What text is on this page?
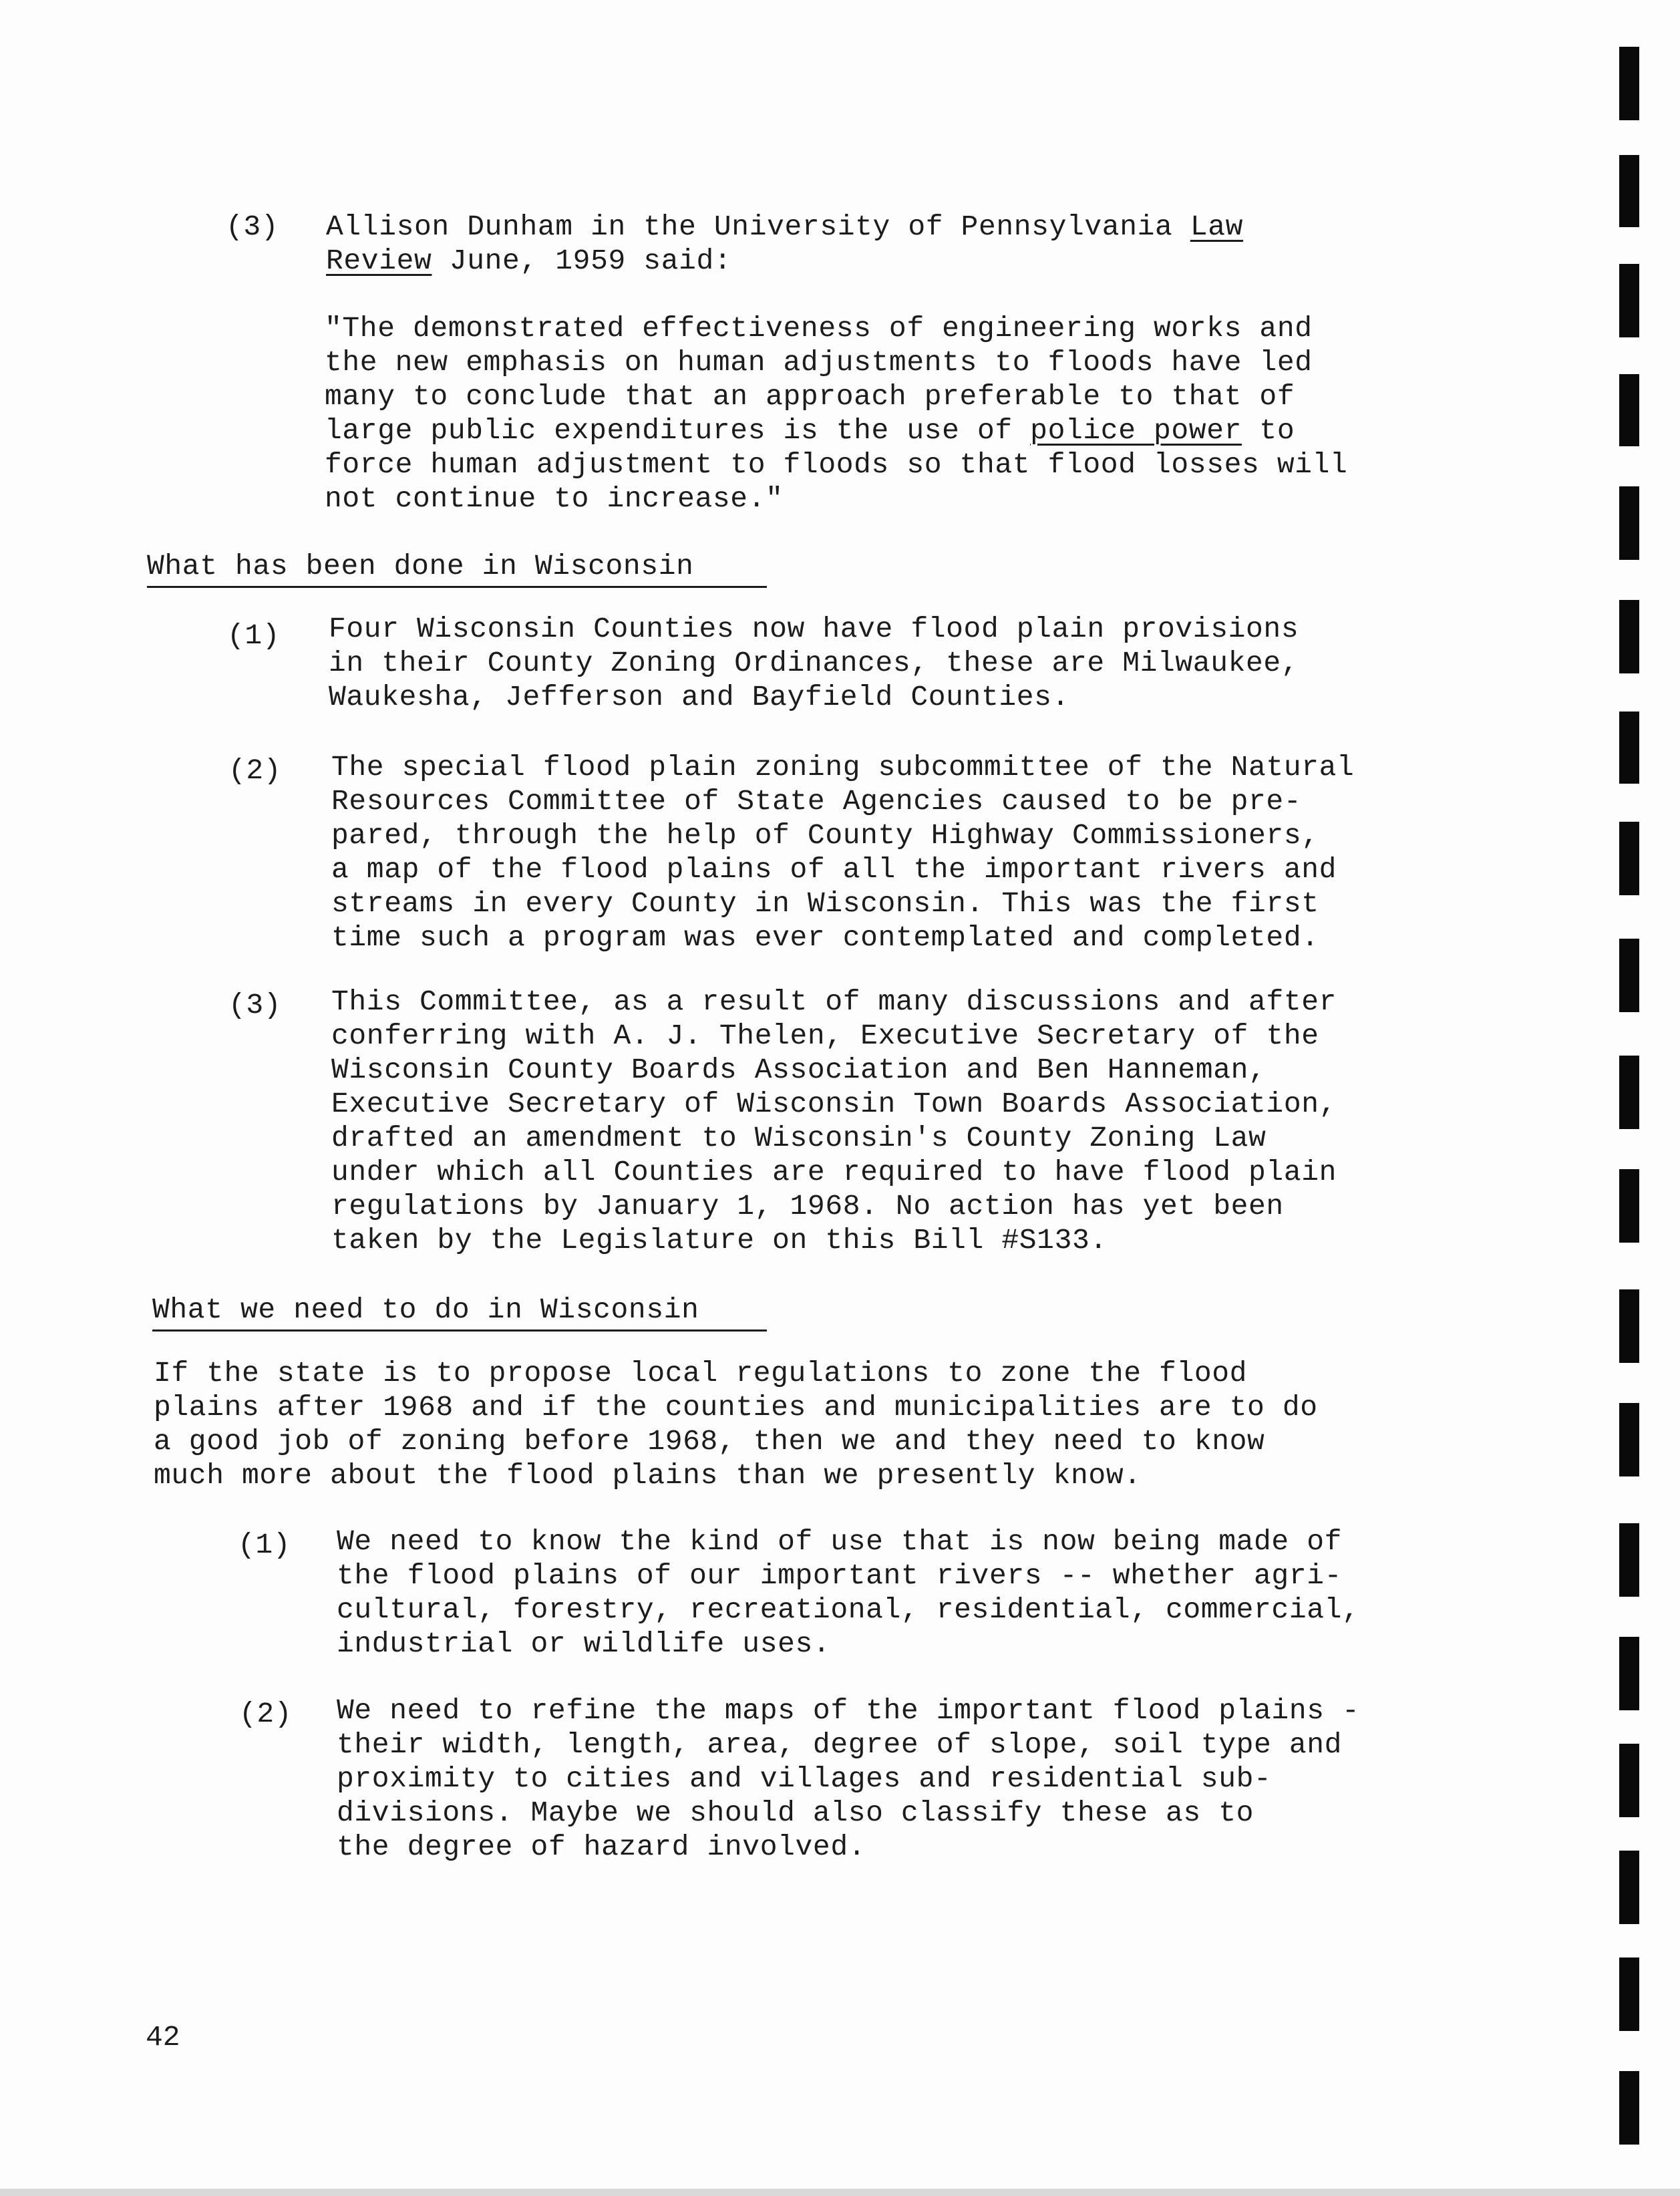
(3) Allison Dunham in the University of Pennsylvania Law
Review June, 1959 said:
"The demonstrated effectiveness of engineering works and
the new emphasis on human adjustments to floods have led
many to conclude that an approach preferable to that of
large public expenditures is the use of police power to
force human adjustment to floods so that flood losses will
not continue to increase."
What has been done in Wisconsin
(1) Four Wisconsin Counties now have flood plain provisions
in their County Zoning Ordinances, these are Milwaukee,
Waukesha, Jefferson and Bayfield Counties.
(2) The special flood plain zoning subcommittee of the Natural
Resources Committee of State Agencies caused to be pre-
pared, through the help of County Highway Commissioners,
a map of the flood plains of all the important rivers and
streams in every County in Wisconsin. This was the first
time such a program was ever contemplated and completed.
(3) This Committee, as a result of many discussions and after
conferring with A. J. Thelen, Executive Secretary of the
Wisconsin County Boards Association and Ben Hanneman,
Executive Secretary of Wisconsin Town Boards Association,
drafted an amendment to Wisconsin's County Zoning Law
under which all Counties are required to have flood plain
regulations by January 1, 1968. No action has yet been
taken by the Legislature on this Bill #S133.
What we need to do in Wisconsin
If the state is to propose local regulations to zone the flood
plains after 1968 and if the counties and municipalities are to do
a good job of zoning before 1968, then we and they need to know
much more about the flood plains than we presently know.
(1) We need to know the kind of use that is now being made of
the flood plains of our important rivers -- whether agri-
cultural, forestry, recreational, residential, commercial,
industrial or wildlife uses.
(2) We need to refine the maps of the important flood plains -
their width, length, area, degree of slope, soil type and
proximity to cities and villages and residential sub-
divisions. Maybe we should also classify these as to
the degree of hazard involved.
42
